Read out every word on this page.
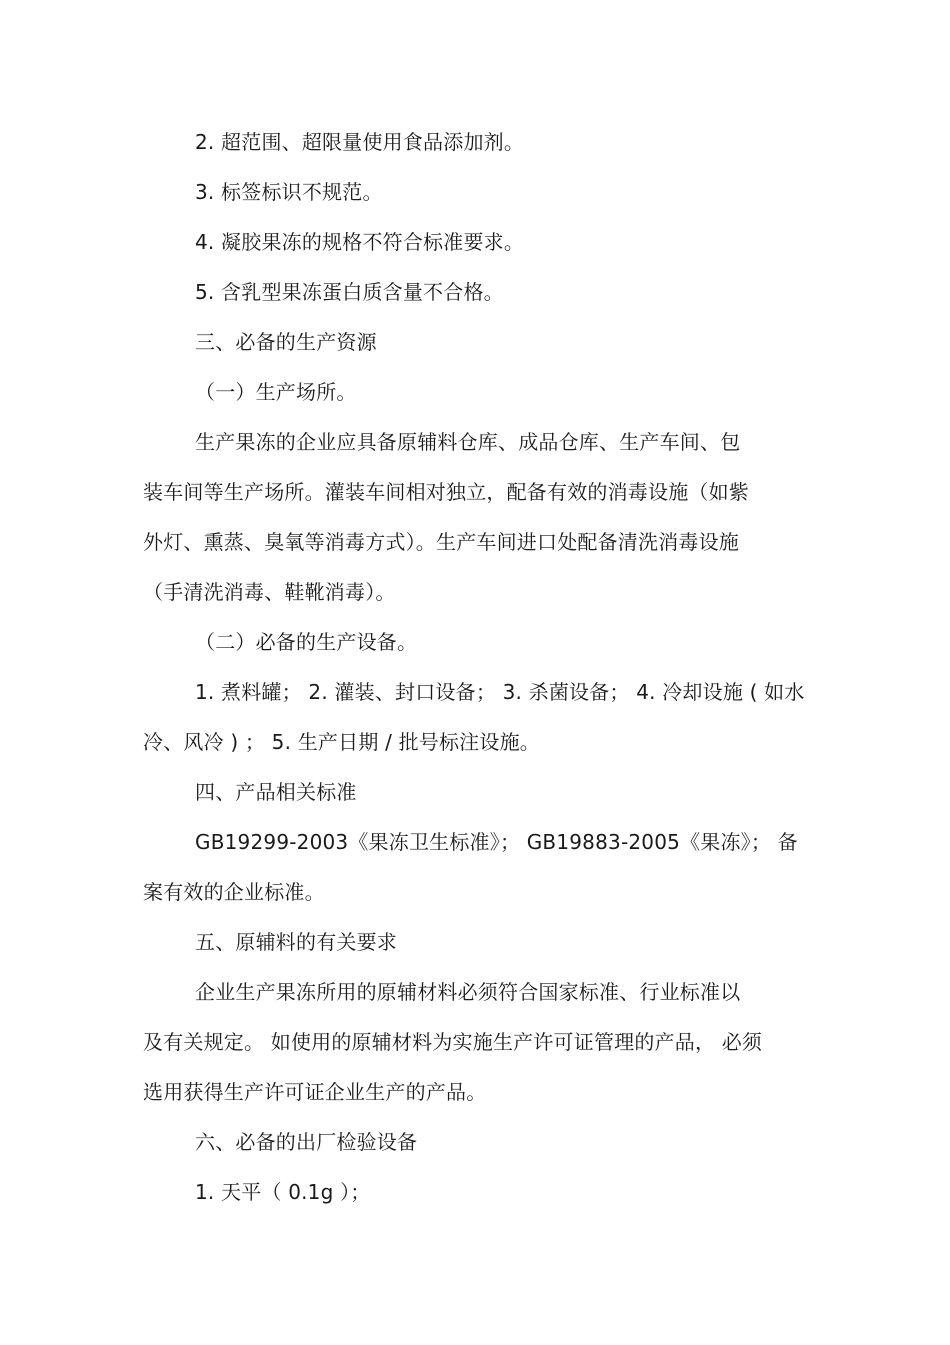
2. 超范围、超限量使用食品添加剂。
3. 标签标识不规范。
4. 凝胶果冻的规格不符合标准要求。
5. 含乳型果冻蛋白质含量不合格。
三、必备的生产资源
（一）生产场所。
生产果冻的企业应具备原辅料仓库、成品仓库、生产车间、包
装车间等生产场所。灌装车间相对独立，配备有效的消毒设施（如紫
外灯、熏蒸、臭氧等消毒方式）。生产车间进口处配备清洗消毒设施
（手清洗消毒、鞋靴消毒）。
（二）必备的生产设备。
1. 煮料罐； 2. 灌装、封口设备； 3. 杀菌设备； 4. 冷却设施 ( 如水
冷、风冷 ) ； 5. 生产日期 / 批号标注设施。
四、产品相关标准
GB19299-2003《果冻卫生标准》； GB19883-2005《果冻》； 备
案有效的企业标准。
五、原辅料的有关要求
企业生产果冻所用的原辅材料必须符合国家标准、行业标准以
及有关规定。 如使用的原辅材料为实施生产许可证管理的产品， 必须
选用获得生产许可证企业生产的产品。
六、必备的出厂检验设备
1. 天平（ 0.1g ）；
